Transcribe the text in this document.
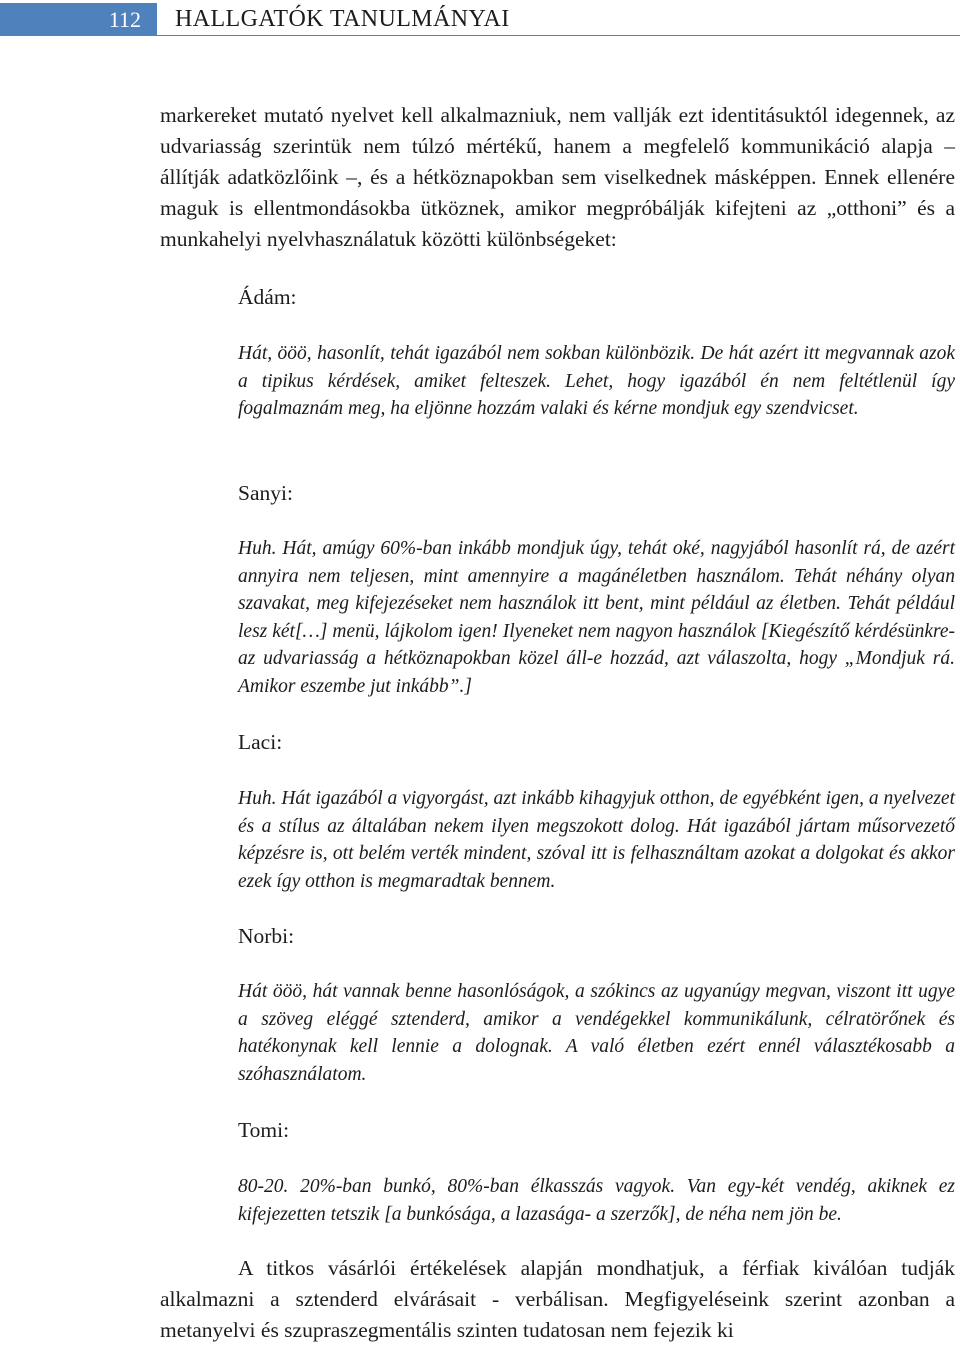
112	HALLGATÓK TANULMÁNYAI

markereket mutató nyelvet kell alkalmazniuk, nem vallják ezt identitásuktól idegennek, az udvariasság szerintük nem túlzó mértékű, hanem a megfelelő kommunikáció alapja – állítják adatközlőink –, és a hétköznapokban sem viselkednek másképpen. Ennek ellenére maguk is ellentmondásokba ütköznek, amikor megpróbálják kifejteni az „otthoni” és a munkahelyi nyelvhasználatuk közötti különbségeket:

Ádám:

Hát, ööö, hasonlít, tehát igazából nem sokban különbözik. De hát azért itt megvannak azok a tipikus kérdések, amiket felteszek. Lehet, hogy igazából én nem feltétlenül így fogalmaznám meg, ha eljönne hozzám valaki és kérne mondjuk egy szendvicset.

Sanyi:

Huh. Hát, amúgy 60%-ban inkább mondjuk úgy, tehát oké, nagyjából hasonlít rá, de azért annyira nem teljesen, mint amennyire a magánéletben használom. Tehát néhány olyan szavakat, meg kifejezéseket nem használok itt bent, mint például az életben. Tehát például lesz két[…] menü, lájkolom igen! Ilyeneket nem nagyon használok [Kiegészítő kérdésünkre-az udvariasság a hétköznapokban közel áll-e hozzád, azt válaszolta, hogy „Mondjuk rá. Amikor eszembe jut inkább”.]

Laci:

Huh. Hát igazából a vigyorgást, azt inkább kihagyjuk otthon, de egyébként igen, a nyelvezet és a stílus az általában nekem ilyen megszokott dolog. Hát igazából jártam műsorvezető képzésre is, ott belém verték mindent, szóval itt is felhasználtam azokat a dolgokat és akkor ezek így otthon is megmaradtak bennem.

Norbi:

Hát ööö, hát vannak benne hasonlóságok, a szókincs az ugyanúgy megvan, viszont itt ugye a szöveg eléggé sztenderd, amikor a vendégekkel kommunikálunk, célratörőnek és hatékonynak kell lennie a dolognak. A való életben ezért ennél választékosabb a szóhasználatom.

Tomi:

80-20. 20%-ban bunkó, 80%-ban élkasszás vagyok. Van egy-két vendég, akiknek ez kifejezetten tetszik [a bunkósága, a lazasága- a szerzők], de néha nem jön be.

A titkos vásárlói értékelések alapján mondhatjuk, a férfiak kiválóan tudják alkalmazni a sztenderd elvárásait - verbálisan. Megfigyeléseink szerint azonban a metanyelvi és szupraszegmentális szinten tudatosan nem fejezik ki
